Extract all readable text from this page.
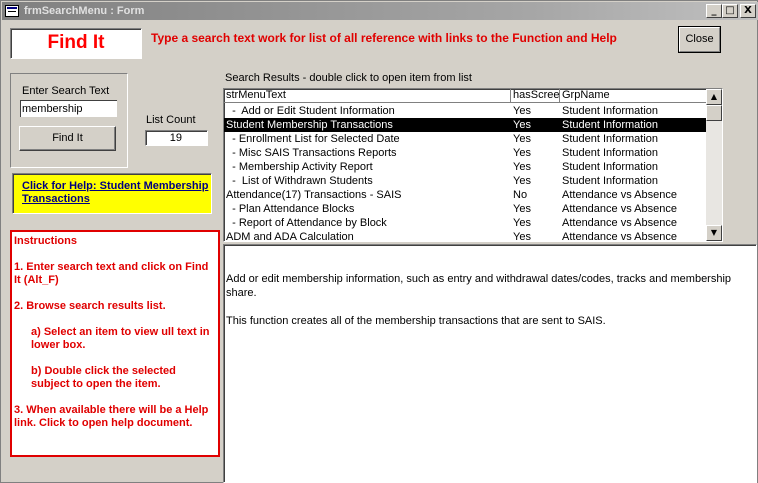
frmSearchMenu : Form	_ □ X
Find It	Type a search text work for list of all reference with links to the Function and Help	Close
Enter Search Text
membership
Find It
List Count
19
Click for Help: Student Membership Transactions

Instructions

1. Enter search text and click on Find It (Alt_F)

2. Browse search results list.

a) Select an item to view ull text in lower box.

b) Double click the selected subject to open the item.

3. When available there will be a Help link. Click to open help document.

Search Results - double click to open item from list
strMenuText	hasScree GrpName
-  Add or Edit Student Information	Yes	Student Information
Student Membership Transactions	Yes	Student Information
- Enrollment List for Selected Date	Yes	Student Information
- Misc SAIS Transactions Reports	Yes	Student Information
- Membership Activity Report	Yes	Student Information
-  List of Withdrawn Students	Yes	Student Information
Attendance(17) Transactions - SAIS	No	Attendance vs Absence
- Plan Attendance Blocks	Yes	Attendance vs Absence
- Report of Attendance by Block	Yes	Attendance vs Absence
ADM and ADA Calculation	Yes	Attendance vs Absence
▲
▼

Add or edit membership information, such as entry and withdrawal dates/codes, tracks and membership share.

This function creates all of the membership transactions that are sent to SAIS.
